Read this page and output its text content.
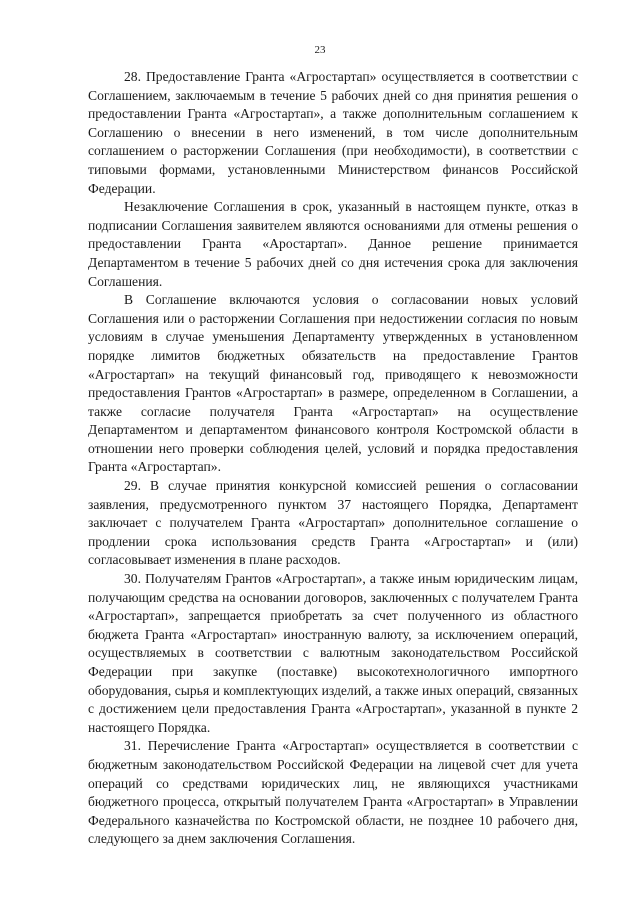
23

28. Предоставление Гранта «Агростартап» осуществляется в соответствии с Соглашением, заключаемым в течение 5 рабочих дней со дня принятия решения о предоставлении Гранта «Агростартап», а также дополнительным соглашением к Соглашению о внесении в него изменений, в том числе дополнительным соглашением о расторжении Соглашения (при необходимости), в соответствии с типовыми формами, установленными Министерством финансов Российской Федерации.

Незаключение Соглашения в срок, указанный в настоящем пункте, отказ в подписании Соглашения заявителем являются основаниями для отмены решения о предоставлении Гранта «Аростартап». Данное решение принимается Департаментом в течение 5 рабочих дней со дня истечения срока для заключения Соглашения.

В Соглашение включаются условия о согласовании новых условий Соглашения или о расторжении Соглашения при недостижении согласия по новым условиям в случае уменьшения Департаменту утвержденных в установленном порядке лимитов бюджетных обязательств на предоставление Грантов «Агростартап» на текущий финансовый год, приводящего к невозможности предоставления Грантов «Агростартап» в размере, определенном в Соглашении, а также согласие получателя Гранта «Агростартап» на осуществление Департаментом и департаментом финансового контроля Костромской области в отношении него проверки соблюдения целей, условий и порядка предоставления Гранта «Агростартап».

29. В случае принятия конкурсной комиссией решения о согласовании заявления, предусмотренного пунктом 37 настоящего Порядка, Департамент заключает с получателем Гранта «Агростартап» дополнительное соглашение о продлении срока использования средств Гранта «Агростартап» и (или) согласовывает изменения в плане расходов.

30. Получателям Грантов «Агростартап», а также иным юридическим лицам, получающим средства на основании договоров, заключенных с получателем Гранта «Агростартап», запрещается приобретать за счет полученного из областного бюджета Гранта «Агростартап» иностранную валюту, за исключением операций, осуществляемых в соответствии с валютным законодательством Российской Федерации при закупке (поставке) высокотехнологичного импортного оборудования, сырья и комплектующих изделий, а также иных операций, связанных с достижением цели предоставления Гранта «Агростартап», указанной в пункте 2 настоящего Порядка.

31. Перечисление Гранта «Агростартап» осуществляется в соответствии с бюджетным законодательством Российской Федерации на лицевой счет для учета операций со средствами юридических лиц, не являющихся участниками бюджетного процесса, открытый получателем Гранта «Агростартап» в Управлении Федерального казначейства по Костромской области, не позднее 10 рабочего дня, следующего за днем заключения Соглашения.
